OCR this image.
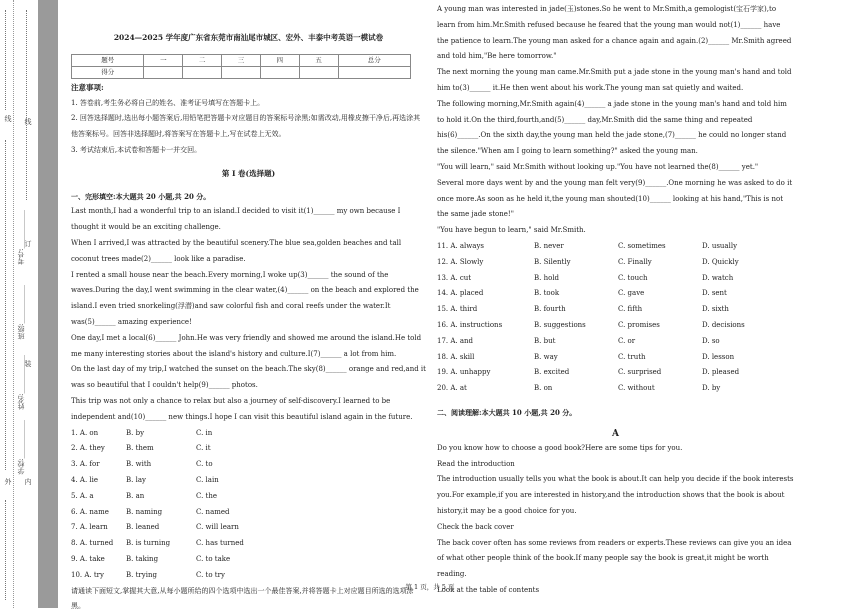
线
外
考号:___________
班级:___________
姓名:___________
学校:___________
线
订
装
内
2024—2025 学年度广东省东莞市南汕尾市城区、宏外、丰泰中考英语一模试卷
题号	一	二	三	四	五	总分
得分						
注意事项:

1. 答卷前,考生务必将自己的姓名、准考证号填写在答题卡上。

2. 回答选择题时,选出每小题答案后,用铅笔把答题卡对应题目的答案标号涂黑;如需改动,用橡皮擦干净后,再选涂其他答案标号。回答非选择题时,将答案写在答题卡上,写在试卷上无效。

3. 考试结束后,本试卷和答题卡一并交回。

第 I 卷(选择题)
一、完形填空:本大题共 20 小题,共 20 分。

Last month,I had a wonderful trip to an island.I decided to visit it(1)______ my own because I thought it would be an exciting challenge.

When I arrived,I was attracted by the beautiful scenery.The blue sea,golden beaches and tall coconut trees made(2)______ look like a paradise.

I rented a small house near the beach.Every morning,I woke up(3)______ the sound of the waves.During the day,I went swimming in the clear water,(4)______ on the beach and explored the island.I even tried snorkeling(浮潜)and saw colorful fish and coral reefs under the water.It was(5)______ amazing experience!

One day,I met a local(6)______ John.He was very friendly and showed me around the island.He told me many interesting stories about the island's history and culture.I(7)______ a lot from him.

On the last day of my trip,I watched the sunset on the beach.The sky(8)______ orange and red,and it was so beautiful that I couldn't help(9)______ photos.

This trip was not only a chance to relax but also a journey of self-discovery.I learned to be independent and(10)______ new things.I hope I can visit this beautiful island again in the future.

1. A. on	B. by	C. in
2. A. they	B. them	C. it
3. A. for	B. with	C. to
4. A. lie	B. lay	C. lain
5. A. a	B. an	C. the
6. A. name	B. naming	C. named
7. A. learn	B. leaned	C. will learn
8. A. turned	B. is turning	C. has turned
9. A. take	B. taking	C. to take
10. A. try	B. trying	C. to try

请通读下面短文,掌握其大意,从每小题所给的四个选项中选出一个最佳答案,并将答题卡上对应题目所选的选项涂黑。

A young man was interested in jade(玉)stones.So he went to Mr.Smith,a gemologist(宝石学家),to learn from him.Mr.Smith refused because he feared that the young man would not(1)______ have the patience to learn.The young man asked for a chance again and again.(2)______ Mr.Smith agreed and told him,"Be here tomorrow."

The next morning the young man came.Mr.Smith put a jade stone in the young man's hand and told him to(3)______ it.He then went about his work.The young man sat quietly and waited.

The following morning,Mr.Smith again(4)______ a jade stone in the young man's hand and told him to hold it.On the third,fourth,and(5)______ day,Mr.Smith did the same thing and repeated his(6)______.On the sixth day,the young man held the jade stone,(7)______ he could no longer stand the silence."When am I going to learn something?" asked the young man.

"You will learn," said Mr.Smith without looking up."You have not learned the(8)______ yet."

Several more days went by and the young man felt very(9)______.One morning he was asked to do it once more.As soon as he held it,the young man shouted(10)______ looking at his hand,"This is not the same jade stone!"

"You have begun to learn," said Mr.Smith.

11. A. always	B. never	C. sometimes	D. usually
12. A. Slowly	B. Silently	C. Finally	D. Quickly
13. A. cut	B. hold	C. touch	D. watch
14. A. placed	B. took	C. gave	D. sent
15. A. third	B. fourth	C. fifth	D. sixth
16. A. instructions	B. suggestions	C. promises	D. decisions
17. A. and	B. but	C. or	D. so
18. A. skill	B. way	C. truth	D. lesson
19. A. unhappy	B. excited	C. surprised	D. pleased
20. A. at	B. on	C. without	D. by
二、阅读理解:本大题共 10 小题,共 20 分。
A

Do you know how to choose a good book?Here are some tips for you.

Read the introduction

The introduction usually tells you what the book is about.It can help you decide if the book interests you.For example,if you are interested in history,and the introduction shows that the book is about history,it may be a good choice for you.

Check the back cover

The back cover often has some reviews from readers or experts.These reviews can give you an idea of what other people think of the book.If many people say the book is great,it might be worth reading.

Look at the table of contents

第 1 页，共 5 页
